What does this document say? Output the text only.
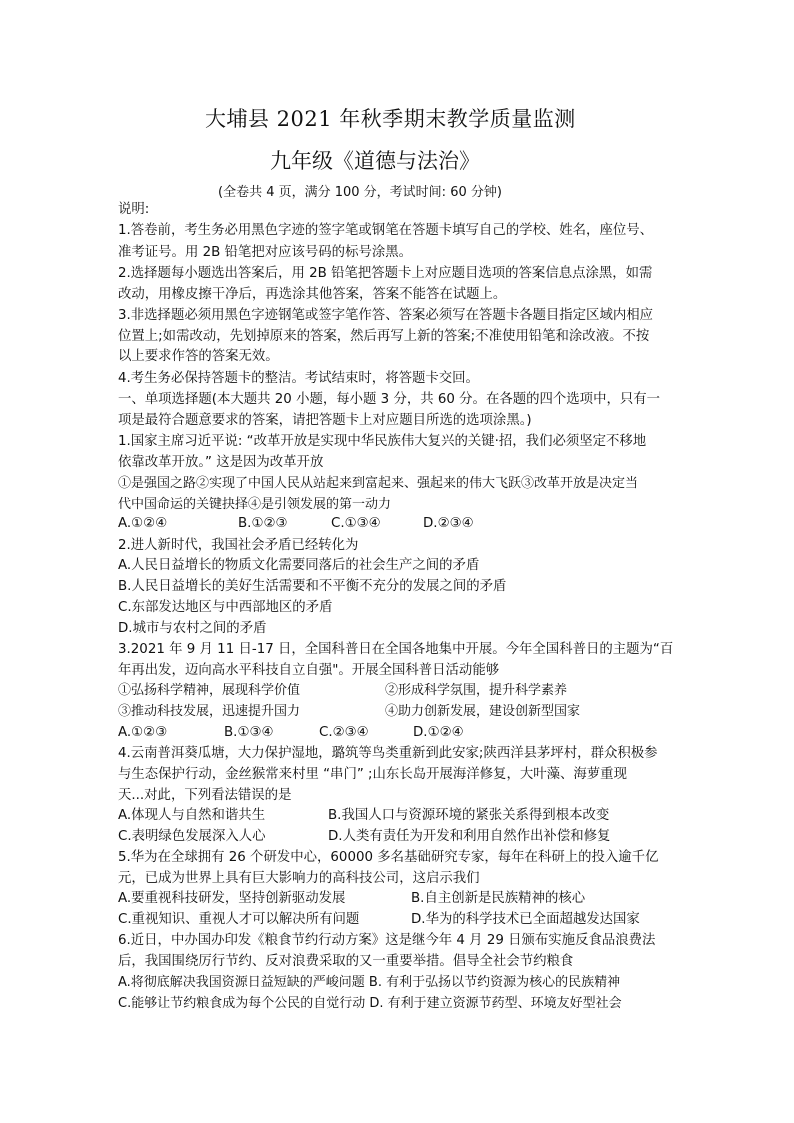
大埔县 2021 年秋季期末教学质量监测
九年级《道德与法治》
(全卷共 4 页，满分 100 分，考试时间: 60 分钟)
说明:
1.答卷前，考生务必用黑色字迹的签字笔或钢笔在答题卡填写自己的学校、姓名，座位号、
准考证号。用 2B 铅笔把对应该号码的标号涂黑。
2.选择题每小题选出答案后，用 2B 铅笔把答题卡上对应题目选项的答案信息点涂黑，如需
改动，用橡皮擦干净后，再选涂其他答案，答案不能答在试题上。
3.非选择题必须用黑色字迹钢笔或签字笔作答、答案必须写在答题卡各题目指定区域内相应
位置上;如需改动，先划掉原来的答案，然后再写上新的答案;不准使用铅笔和涂改液。不按
以上要求作答的答案无效。
4.考生务必保持答题卡的整洁。考试结束时，将答题卡交回。
一、单项选择题(本大题共 20 小题，每小题 3 分，共 60 分。在各题的四个选项中，只有一
项是最符合题意要求的答案，请把答题卡上对应题目所选的选项涂黑。)
1.国家主席习近平说: “改革开放是实现中华民族伟大复兴的关键·招，我们必须坚定不移地
依靠改革开放。” 这是因为改革开放
①是强国之路②实现了中国人民从站起来到富起来、强起来的伟大飞跃③改革开放是决定当
代中国命运的关键抉择④是引领发展的第一动力
A.①②④	B.①②③	C.①③④	D.②③④
2.进人新时代，我国社会矛盾已经转化为
A.人民日益增长的物质文化需要同落后的社会生产之间的矛盾
B.人民日益增长的美好生活需要和不平衡不充分的发展之间的矛盾
C.东部发达地区与中西部地区的矛盾
D.城市与农村之间的矛盾
3.2021 年 9 月 11 日-17 日，全国科普日在全国各地集中开展。今年全国科普日的主题为“百
年再出发，迈向高水平科技自立自强"。开展全国科普日活动能够
①弘扬科学精神，展现科学价值	②形成科学氛围，提升科学素养
③推动科技发展，迅速提升国力	④助力创新发展，建设创新型国家
A.①②③	B.①③④	C.②③④	D.①②④
4.云南普洱葵瓜塘，大力保护湿地，璐筑等鸟类重新到此安家;陕西洋县茅坪村，群众积极参
与生态保护行动，金丝猴常来村里 “串门” ;山东长岛开展海洋修复，大叶藻、海萝重现
天...对此，下列看法错误的是
A.体现人与自然和谐共生	B.我国人口与资源环境的紧张关系得到根本改变
C.表明绿色发展深入人心	D.人类有责任为开发和利用自然作出补偿和修复
5.华为在全球拥有 26 个研发中心，60000 多名基础研究专家，每年在科研上的投入逾千亿
元，已成为世界上具有巨大影响力的高科技公司，这启示我们
A.要重视科技研发，坚持创新驱动发展	B.自主创新是民族精神的核心
C.重视知识、重视人才可以解决所有问题	D.华为的科学技术已全面超越发达国家
6.近日，中办国办印发《粮食节约行动方案》这是继今年 4 月 29 日颁布实施反食品浪费法
后，我国围绕厉行节约、反对浪费采取的又一重要举措。倡导全社会节约粮食
A.将彻底解决我国资源日益短缺的严峻问题 B. 有利于弘扬以节约资源为核心的民族精神
C.能够让节约粮食成为每个公民的自觉行动 D. 有利于建立资源节药型、环境友好型社会
